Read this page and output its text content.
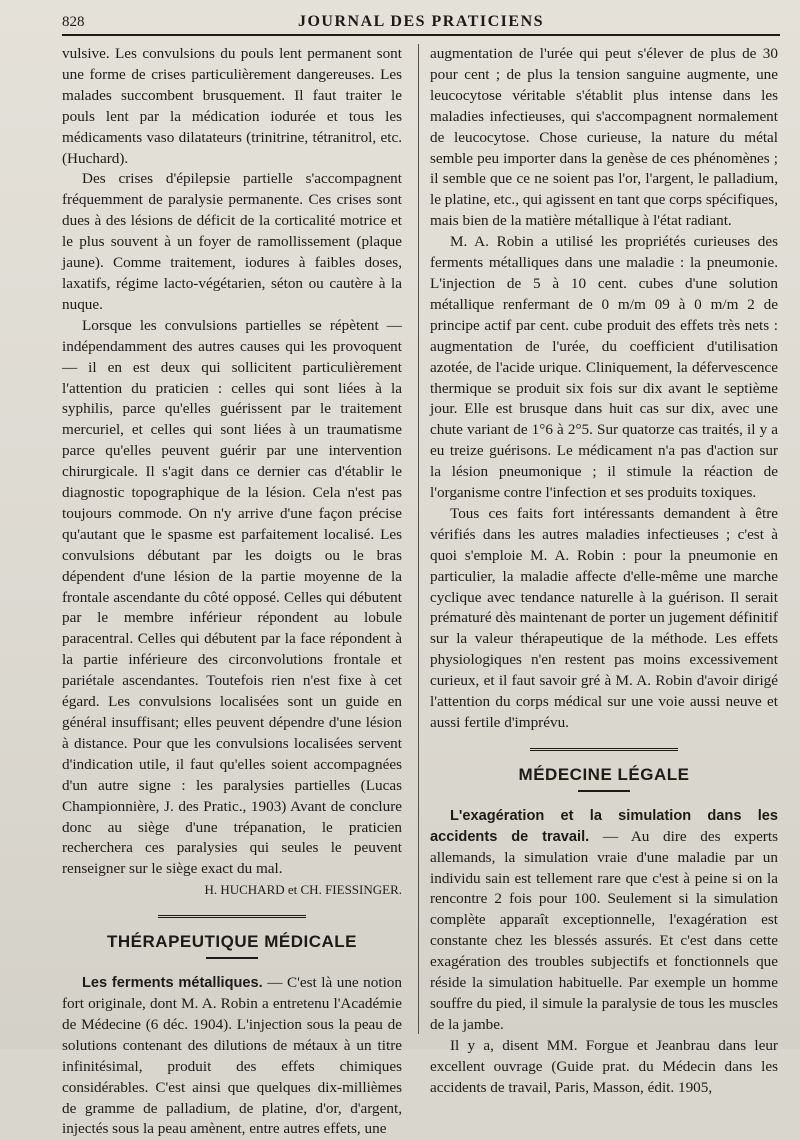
828	JOURNAL DES PRATICIENS

vulsive. Les convulsions du pouls lent permanent sont une forme de crises particulièrement dangereuses. Les malades succombent brusquement. Il faut traiter le pouls lent par la médication iodurée et tous les médicaments vaso dilatateurs (trinitrine, tétranitrol, etc. (Huchard).

Des crises d'épilepsie partielle s'accompagnent fréquemment de paralysie permanente. Ces crises sont dues à des lésions de déficit de la corticalité motrice et le plus souvent à un foyer de ramollissement (plaque jaune). Comme traitement, iodures à faibles doses, laxatifs, régime lacto-végétarien, séton ou cautère à la nuque.

Lorsque les convulsions partielles se répètent — indépendamment des autres causes qui les provoquent — il en est deux qui sollicitent particulièrement l'attention du praticien : celles qui sont liées à la syphilis, parce qu'elles guérissent par le traitement mercuriel, et celles qui sont liées à un traumatisme parce qu'elles peuvent guérir par une intervention chirurgicale. Il s'agit dans ce dernier cas d'établir le diagnostic topographique de la lésion. Cela n'est pas toujours commode. On n'y arrive d'une façon précise qu'autant que le spasme est parfaitement localisé. Les convulsions débutant par les doigts ou le bras dépendent d'une lésion de la partie moyenne de la frontale ascendante du côté opposé. Celles qui débutent par le membre inférieur répondent au lobule paracentral. Celles qui débutent par la face répondent à la partie inférieure des circonvolutions frontale et pariétale ascendantes. Toutefois rien n'est fixe à cet égard. Les convulsions localisées sont un guide en général insuffisant; elles peuvent dépendre d'une lésion à distance. Pour que les convulsions localisées servent d'indication utile, il faut qu'elles soient accompagnées d'un autre signe : les paralysies partielles (Lucas Championnière, J. des Pratic., 1903) Avant de conclure donc au siège d'une trépanation, le praticien recherchera ces paralysies qui seules le peuvent renseigner sur le siège exact du mal.

H. HUCHARD et CH. FIESSINGER.

THÉRAPEUTIQUE MÉDICALE

Les ferments métalliques. — C'est là une notion fort originale, dont M. A. Robin a entretenu l'Académie de Médecine (6 déc. 1904). L'injection sous la peau de solutions contenant des dilutions de métaux à un titre infinitésimal, produit des effets chimiques considérables. C'est ainsi que quelques dix-millièmes de gramme de palladium, de platine, d'or, d'argent, injectés sous la peau amènent, entre autres effets, une

augmentation de l'urée qui peut s'élever de plus de 30 pour cent ; de plus la tension sanguine augmente, une leucocytose véritable s'établit plus intense dans les maladies infectieuses, qui s'accompagnent normalement de leucocytose. Chose curieuse, la nature du métal semble peu importer dans la genèse de ces phénomènes ; il semble que ce ne soient pas l'or, l'argent, le palladium, le platine, etc., qui agissent en tant que corps spécifiques, mais bien de la matière métallique à l'état radiant.

M. A. Robin a utilisé les propriétés curieuses des ferments métalliques dans une maladie : la pneumonie. L'injection de 5 à 10 cent. cubes d'une solution métallique renfermant de 0 m/m 09 à 0 m/m 2 de principe actif par cent. cube produit des effets très nets : augmentation de l'urée, du coefficient d'utilisation azotée, de l'acide urique. Cliniquement, la défervescence thermique se produit six fois sur dix avant le septième jour. Elle est brusque dans huit cas sur dix, avec une chute variant de 1°6 à 2°5. Sur quatorze cas traités, il y a eu treize guérisons. Le médicament n'a pas d'action sur la lésion pneumonique ; il stimule la réaction de l'organisme contre l'infection et ses produits toxiques.

Tous ces faits fort intéressants demandent à être vérifiés dans les autres maladies infectieuses ; c'est à quoi s'emploie M. A. Robin : pour la pneumonie en particulier, la maladie affecte d'elle-même une marche cyclique avec tendance naturelle à la guérison. Il serait prématuré dès maintenant de porter un jugement définitif sur la valeur thérapeutique de la méthode. Les effets physiologiques n'en restent pas moins excessivement curieux, et il faut savoir gré à M. A. Robin d'avoir dirigé l'attention du corps médical sur une voie aussi neuve et aussi fertile d'imprévu.

MÉDECINE LÉGALE

L'exagération et la simulation dans les accidents de travail. — Au dire des experts allemands, la simulation vraie d'une maladie par un individu sain est tellement rare que c'est à peine si on la rencontre 2 fois pour 100. Seulement si la simulation complète apparaît exceptionnelle, l'exagération est constante chez les blessés assurés. Et c'est dans cette exagération des troubles subjectifs et fonctionnels que réside la simulation habituelle. Par exemple un homme souffre du pied, il simule la paralysie de tous les muscles de la jambe.

Il y a, disent MM. Forgue et Jeanbrau dans leur excellent ouvrage (Guide prat. du Médecin dans les accidents de travail, Paris, Masson, édit. 1905,
